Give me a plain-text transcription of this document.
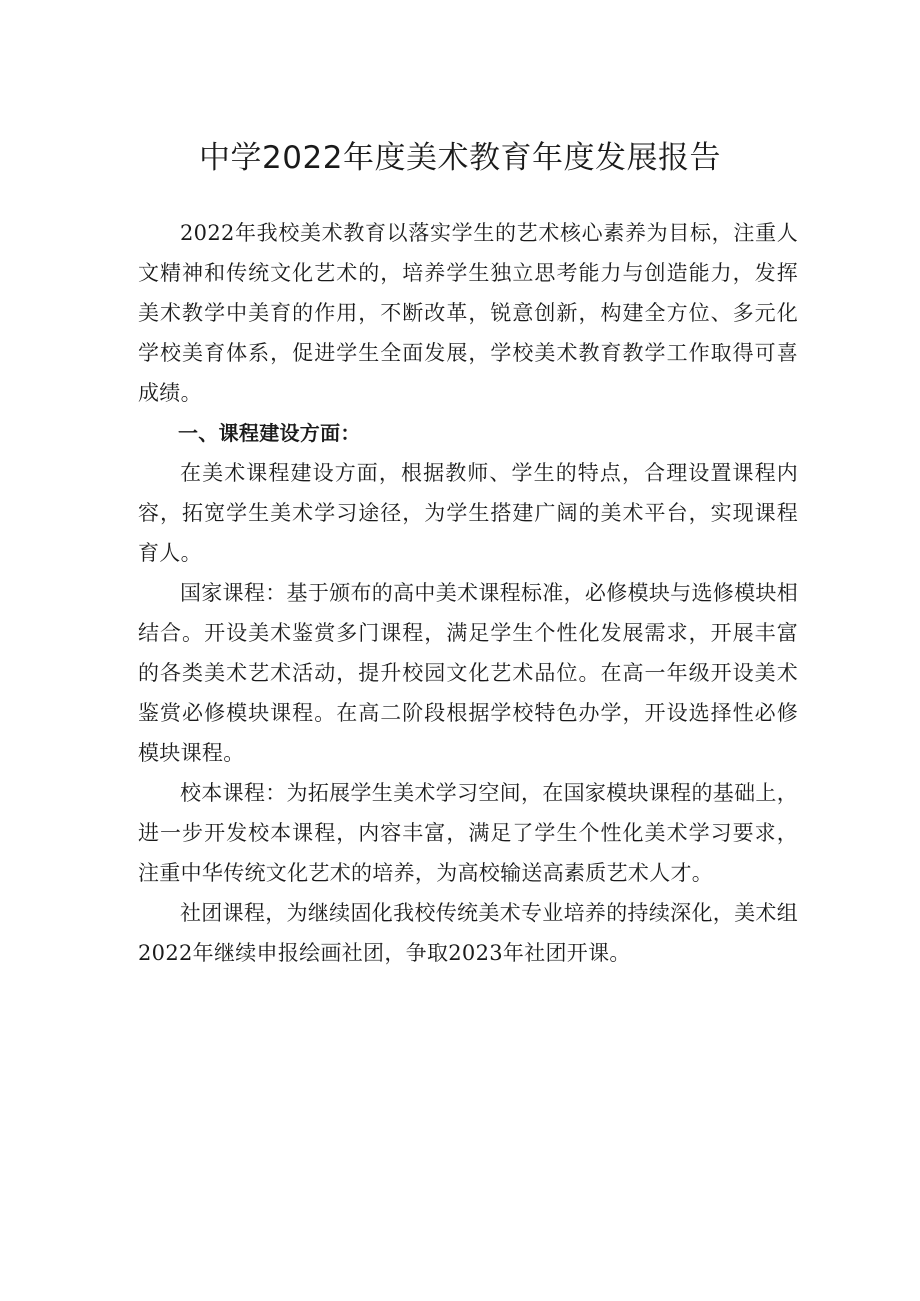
中学2022年度美术教育年度发展报告

2022年我校美术教育以落实学生的艺术核心素养为目标，注重人文精神和传统文化艺术的，培养学生独立思考能力与创造能力，发挥美术教学中美育的作用，不断改革，锐意创新，构建全方位、多元化学校美育体系，促进学生全面发展，学校美术教育教学工作取得可喜成绩。

一、课程建设方面：

在美术课程建设方面，根据教师、学生的特点，合理设置课程内容，拓宽学生美术学习途径，为学生搭建广阔的美术平台，实现课程育人。

国家课程：基于颁布的高中美术课程标准，必修模块与选修模块相结合。开设美术鉴赏多门课程，满足学生个性化发展需求，开展丰富的各类美术艺术活动，提升校园文化艺术品位。在高一年级开设美术鉴赏必修模块课程。在高二阶段根据学校特色办学，开设选择性必修模块课程。

校本课程：为拓展学生美术学习空间，在国家模块课程的基础上，进一步开发校本课程，内容丰富，满足了学生个性化美术学习要求，注重中华传统文化艺术的培养，为高校输送高素质艺术人才。

社团课程，为继续固化我校传统美术专业培养的持续深化，美术组2022年继续申报绘画社团，争取2023年社团开课。
